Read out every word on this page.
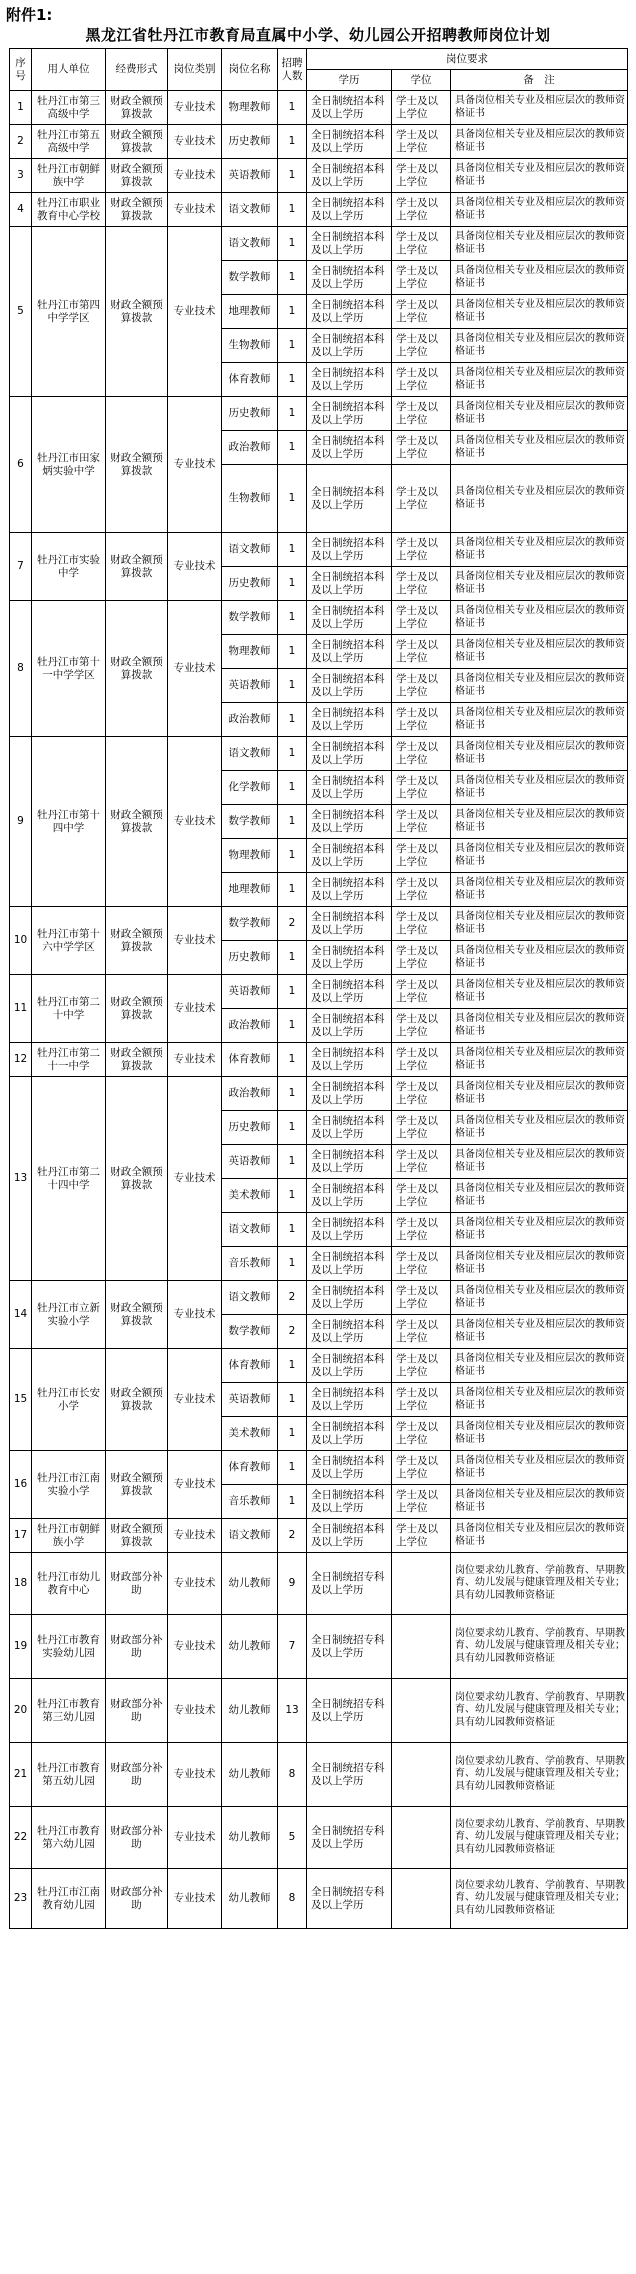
附件1:
黑龙江省牡丹江市教育局直属中小学、幼儿园公开招聘教师岗位计划
序号	用人单位	经费形式	岗位类别	岗位名称	招聘人数	岗位要求		
						学历	学位	备　注
1	牡丹江市第三高级中学	财政全额预算拨款	专业技术	物理教师	1	全日制统招本科及以上学历	学士及以上学位	具备岗位相关专业及相应层次的教师资格证书
2	牡丹江市第五高级中学	财政全额预算拨款	专业技术	历史教师	1	全日制统招本科及以上学历	学士及以上学位	具备岗位相关专业及相应层次的教师资格证书
3	牡丹江市朝鲜族中学	财政全额预算拨款	专业技术	英语教师	1	全日制统招本科及以上学历	学士及以上学位	具备岗位相关专业及相应层次的教师资格证书
4	牡丹江市职业教育中心学校	财政全额预算拨款	专业技术	语文教师	1	全日制统招本科及以上学历	学士及以上学位	具备岗位相关专业及相应层次的教师资格证书
5	牡丹江市第四中学学区	财政全额预算拨款	专业技术	语文教师	1	全日制统招本科及以上学历	学士及以上学位	具备岗位相关专业及相应层次的教师资格证书
				数学教师	1	全日制统招本科及以上学历	学士及以上学位	具备岗位相关专业及相应层次的教师资格证书
				地理教师	1	全日制统招本科及以上学历	学士及以上学位	具备岗位相关专业及相应层次的教师资格证书
				生物教师	1	全日制统招本科及以上学历	学士及以上学位	具备岗位相关专业及相应层次的教师资格证书
				体育教师	1	全日制统招本科及以上学历	学士及以上学位	具备岗位相关专业及相应层次的教师资格证书
6	牡丹江市田家炳实验中学	财政全额预算拨款	专业技术	历史教师	1	全日制统招本科及以上学历	学士及以上学位	具备岗位相关专业及相应层次的教师资格证书
				政治教师	1	全日制统招本科及以上学历	学士及以上学位	具备岗位相关专业及相应层次的教师资格证书
				生物教师	1	全日制统招本科及以上学历	学士及以上学位	具备岗位相关专业及相应层次的教师资格证书
7	牡丹江市实验中学	财政全额预算拨款	专业技术	语文教师	1	全日制统招本科及以上学历	学士及以上学位	具备岗位相关专业及相应层次的教师资格证书
				历史教师	1	全日制统招本科及以上学历	学士及以上学位	具备岗位相关专业及相应层次的教师资格证书
8	牡丹江市第十一中学学区	财政全额预算拨款	专业技术	数学教师	1	全日制统招本科及以上学历	学士及以上学位	具备岗位相关专业及相应层次的教师资格证书
				物理教师	1	全日制统招本科及以上学历	学士及以上学位	具备岗位相关专业及相应层次的教师资格证书
				英语教师	1	全日制统招本科及以上学历	学士及以上学位	具备岗位相关专业及相应层次的教师资格证书
				政治教师	1	全日制统招本科及以上学历	学士及以上学位	具备岗位相关专业及相应层次的教师资格证书
9	牡丹江市第十四中学	财政全额预算拨款	专业技术	语文教师	1	全日制统招本科及以上学历	学士及以上学位	具备岗位相关专业及相应层次的教师资格证书
				化学教师	1	全日制统招本科及以上学历	学士及以上学位	具备岗位相关专业及相应层次的教师资格证书
				数学教师	1	全日制统招本科及以上学历	学士及以上学位	具备岗位相关专业及相应层次的教师资格证书
				物理教师	1	全日制统招本科及以上学历	学士及以上学位	具备岗位相关专业及相应层次的教师资格证书
				地理教师	1	全日制统招本科及以上学历	学士及以上学位	具备岗位相关专业及相应层次的教师资格证书
10	牡丹江市第十六中学学区	财政全额预算拨款	专业技术	数学教师	2	全日制统招本科及以上学历	学士及以上学位	具备岗位相关专业及相应层次的教师资格证书
				历史教师	1	全日制统招本科及以上学历	学士及以上学位	具备岗位相关专业及相应层次的教师资格证书
11	牡丹江市第二十中学	财政全额预算拨款	专业技术	英语教师	1	全日制统招本科及以上学历	学士及以上学位	具备岗位相关专业及相应层次的教师资格证书
				政治教师	1	全日制统招本科及以上学历	学士及以上学位	具备岗位相关专业及相应层次的教师资格证书
12	牡丹江市第二十一中学	财政全额预算拨款	专业技术	体育教师	1	全日制统招本科及以上学历	学士及以上学位	具备岗位相关专业及相应层次的教师资格证书
13	牡丹江市第二十四中学	财政全额预算拨款	专业技术	政治教师	1	全日制统招本科及以上学历	学士及以上学位	具备岗位相关专业及相应层次的教师资格证书
				历史教师	1	全日制统招本科及以上学历	学士及以上学位	具备岗位相关专业及相应层次的教师资格证书
				英语教师	1	全日制统招本科及以上学历	学士及以上学位	具备岗位相关专业及相应层次的教师资格证书
				美术教师	1	全日制统招本科及以上学历	学士及以上学位	具备岗位相关专业及相应层次的教师资格证书
				语文教师	1	全日制统招本科及以上学历	学士及以上学位	具备岗位相关专业及相应层次的教师资格证书
				音乐教师	1	全日制统招本科及以上学历	学士及以上学位	具备岗位相关专业及相应层次的教师资格证书
14	牡丹江市立新实验小学	财政全额预算拨款	专业技术	语文教师	2	全日制统招本科及以上学历	学士及以上学位	具备岗位相关专业及相应层次的教师资格证书
				数学教师	2	全日制统招本科及以上学历	学士及以上学位	具备岗位相关专业及相应层次的教师资格证书
15	牡丹江市长安小学	财政全额预算拨款	专业技术	体育教师	1	全日制统招本科及以上学历	学士及以上学位	具备岗位相关专业及相应层次的教师资格证书
				英语教师	1	全日制统招本科及以上学历	学士及以上学位	具备岗位相关专业及相应层次的教师资格证书
				美术教师	1	全日制统招本科及以上学历	学士及以上学位	具备岗位相关专业及相应层次的教师资格证书
16	牡丹江市江南实验小学	财政全额预算拨款	专业技术	体育教师	1	全日制统招本科及以上学历	学士及以上学位	具备岗位相关专业及相应层次的教师资格证书
				音乐教师	1	全日制统招本科及以上学历	学士及以上学位	具备岗位相关专业及相应层次的教师资格证书
17	牡丹江市朝鲜族小学	财政全额预算拨款	专业技术	语文教师	2	全日制统招本科及以上学历	学士及以上学位	具备岗位相关专业及相应层次的教师资格证书
18	牡丹江市幼儿教育中心	财政部分补助	专业技术	幼儿教师	9	全日制统招专科及以上学历		岗位要求幼儿教育、学前教育、早期教育、幼儿发展与健康管理及相关专业；具有幼儿园教师资格证
19	牡丹江市教育实验幼儿园	财政部分补助	专业技术	幼儿教师	7	全日制统招专科及以上学历		岗位要求幼儿教育、学前教育、早期教育、幼儿发展与健康管理及相关专业；具有幼儿园教师资格证
20	牡丹江市教育第三幼儿园	财政部分补助	专业技术	幼儿教师	13	全日制统招专科及以上学历		岗位要求幼儿教育、学前教育、早期教育、幼儿发展与健康管理及相关专业；具有幼儿园教师资格证
21	牡丹江市教育第五幼儿园	财政部分补助	专业技术	幼儿教师	8	全日制统招专科及以上学历		岗位要求幼儿教育、学前教育、早期教育、幼儿发展与健康管理及相关专业；具有幼儿园教师资格证
22	牡丹江市教育第六幼儿园	财政部分补助	专业技术	幼儿教师	5	全日制统招专科及以上学历		岗位要求幼儿教育、学前教育、早期教育、幼儿发展与健康管理及相关专业；具有幼儿园教师资格证
23	牡丹江市江南教育幼儿园	财政部分补助	专业技术	幼儿教师	8	全日制统招专科及以上学历		岗位要求幼儿教育、学前教育、早期教育、幼儿发展与健康管理及相关专业；具有幼儿园教师资格证
